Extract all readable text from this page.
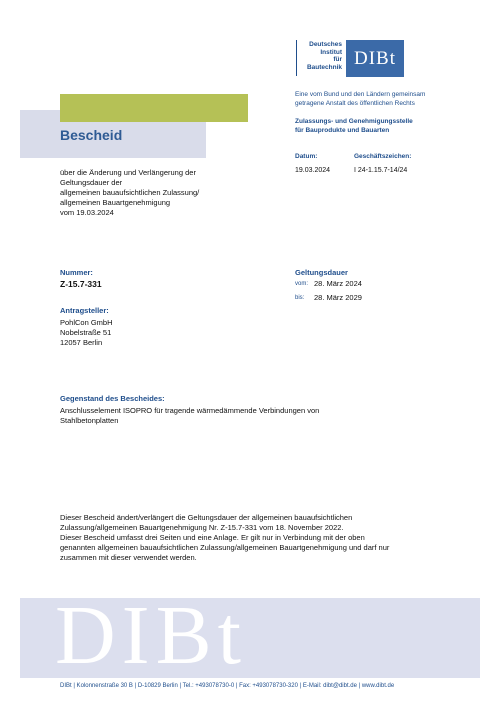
Deutsches
Institut
für
Bautechnik DIBt
Eine vom Bund und den Ländern gemeinsam
getragene Anstalt des öffentlichen Rechts
Zulassungs- und Genehmigungsstelle
für Bauprodukte und Bauarten
Datum:	Geschäftszeichen:
19.03.2024	I 24-1.15.7-14/24
Bescheid
über die Änderung und Verlängerung der
Geltungsdauer der
allgemeinen bauaufsichtlichen Zulassung/
allgemeinen Bauartgenehmigung
vom 19.03.2024
Nummer:
Z-15.7-331
Geltungsdauer
vom: 28. März 2024
bis: 28. März 2029
Antragsteller:
PohlCon GmbH
Nobelstraße 51
12057 Berlin
Gegenstand des Bescheides:
Anschlusselement ISOPRO für tragende wärmedämmende Verbindungen von
Stahlbetonplatten
Dieser Bescheid ändert/verlängert die Geltungsdauer der allgemeinen bauaufsichtlichen
Zulassung/allgemeinen Bauartgenehmigung Nr. Z-15.7-331 vom 18. November 2022.
Dieser Bescheid umfasst drei Seiten und eine Anlage. Er gilt nur in Verbindung mit der oben
genannten allgemeinen bauaufsichtlichen Zulassung/allgemeinen Bauartgenehmigung und darf nur
zusammen mit dieser verwendet werden.
DIBt
DIBt | Kolonnenstraße 30 B | D-10829 Berlin | Tel.: +493078730-0 | Fax: +493078730-320 | E-Mail: dibt@dibt.de | www.dibt.de
